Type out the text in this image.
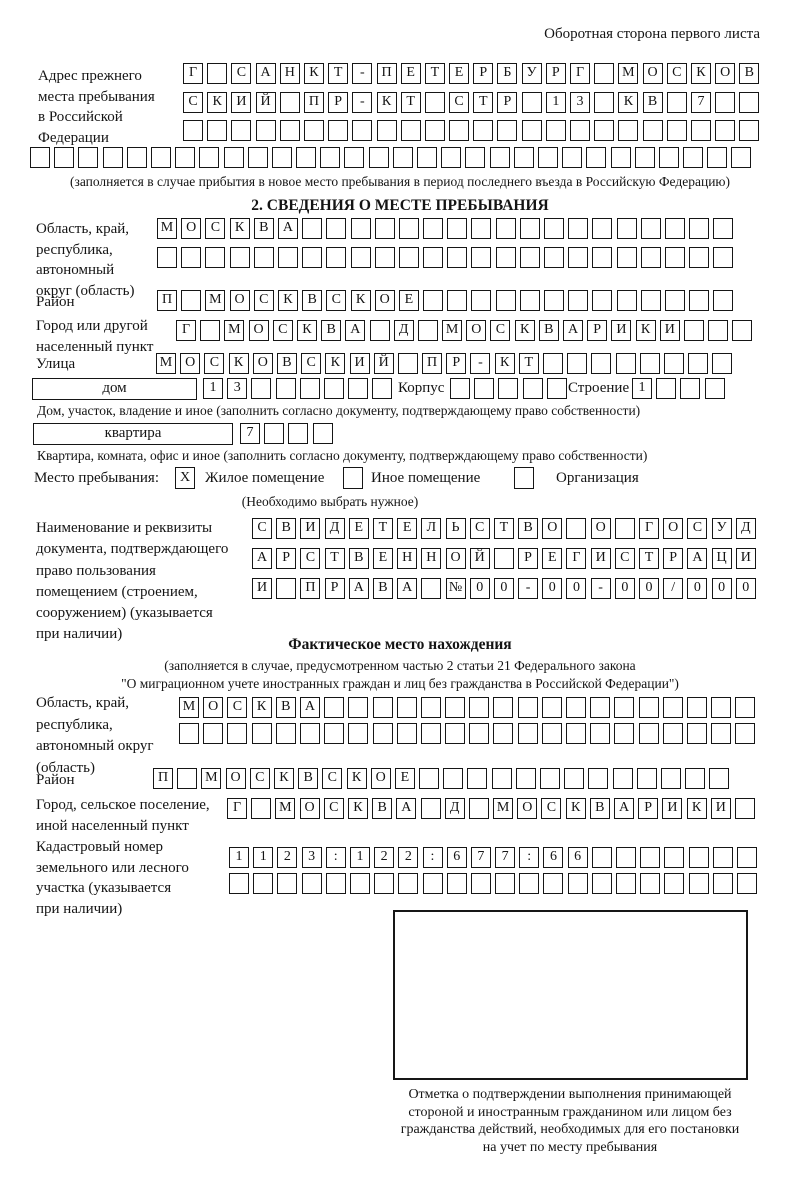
Оборотная сторона первого листа
Адрес прежнего
места пребывания
в Российской
Федерации
Г	С	А	Н	К	Т	-	П	Е	Т	Е	Р	Б	У	Р	Г	М О	С	К	О	В
С	К	И	Й	П	Р	-	К	Т	С	Т	Р	1	3	К	В	7
(заполняется в случае прибытия в новое место пребывания в период последнего въезда в Российскую Федерацию)
2. СВЕДЕНИЯ О МЕСТЕ ПРЕБЫВАНИЯ
Область, край,
республика,
автономный
округ (область)
М О	С	К	В	А
Район	П	М О	С	К	В	С	К	О	Е
Город или другой
населенный пункт
Г	М О	С	К	В	А	Д	М О	С	К	В	А	Р	И	К	И
Улица	М О	С	К	О	В	С	К	И	Й	П	Р	-	К	Т
дом	1	3	Корпус	Строение 1
Дом, участок, владение и иное (заполнить согласно документу, подтверждающему право собственности)
квартира	7
Квартира, комната, офис и иное (заполнить согласно документу, подтверждающему право собственности)
Место пребывания:	X Жилое помещение	Иное помещение	Организация
(Необходимо выбрать нужное)
Наименование и реквизиты
документа, подтверждающего
право пользования
помещением (строением,
сооружением) (указывается
при наличии)
С	В	И	Д	Е	Т	Е	Л	Ь	С	Т	В	О	О	Г	О	С	У	Д
А	Р	С	Т	В	Е	Н	Н	О	Й	Р	Е	Г	И	С	Т	Р	А	Ц	И
И	П	Р	А	В	А	№	0	0	-	0	0	-	0	0	/	0	0	0
Фактическое место нахождения
(заполняется в случае, предусмотренном частью 2 статьи 21 Федерального закона
"О миграционном учете иностранных граждан и лиц без гражданства в Российской Федерации")
Область, край,
республика,
автономный округ
(область)
М О	С	К	В	А
Район	П	М О	С	К	В	С	К	О	Е
Город, сельское поселение,
иной населенный пункт
Г	М О	С	К	В	А	Д	М О	С	К	В	А	Р	И	К	И
Кадастровый номер
земельного или лесного
участка (указывается
при наличии)
1	1	2	3	:	1	2	2	:	6	7	7	:	6	6
Отметка о подтверждении выполнения принимающей
стороной и иностранным гражданином или лицом без
гражданства действий, необходимых для его постановки
на учет по месту пребывания
